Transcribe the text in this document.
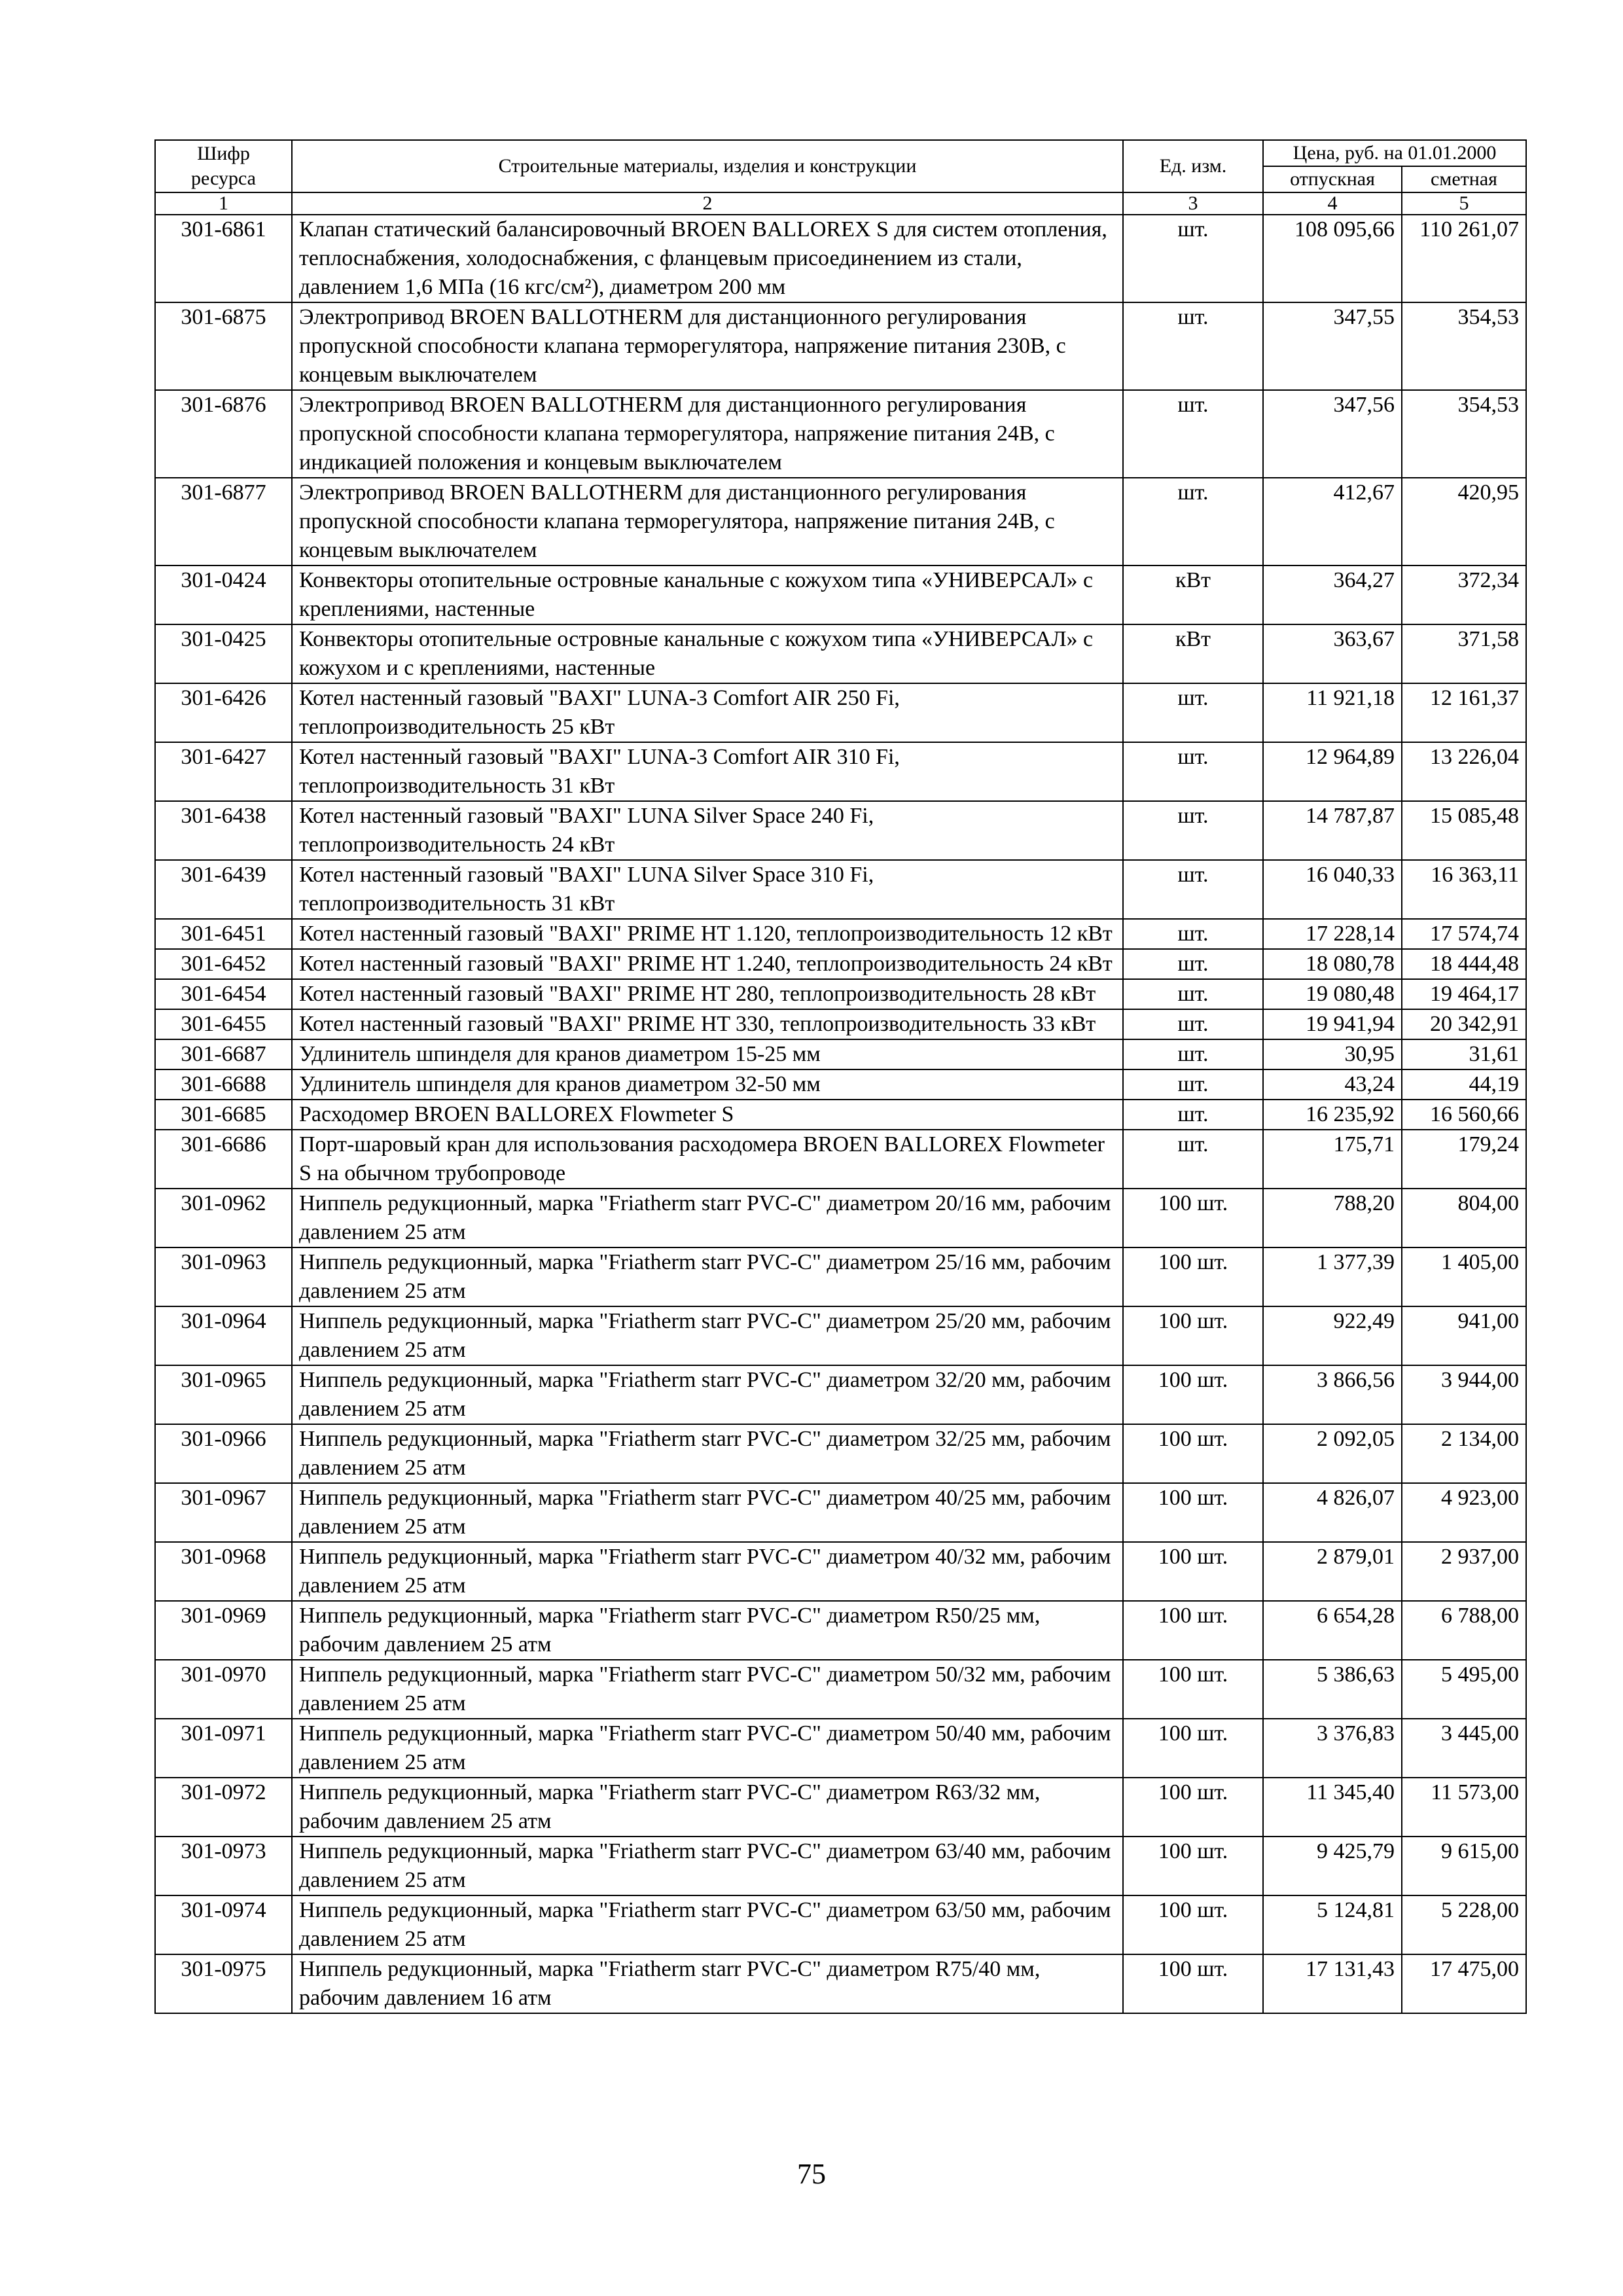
Шифр ресурса	Строительные материалы, изделия и конструкции	Ед. изм.	Цена, руб. на 01.01.2000	
			отпускная	сметная
1	2	3	4	5
301-6861	Клапан статический балансировочный BROEN BALLOREX S для систем отопления, теплоснабжения, холодоснабжения, с фланцевым присоединением из стали, давлением 1,6 МПа (16 кгс/см²), диаметром 200 мм	шт.	108 095,66	110 261,07
301-6875	Электропривод BROEN BALLOTHERM для дистанционного регулирования пропускной способности клапана терморегулятора, напряжение питания 230В, с концевым выключателем	шт.	347,55	354,53
301-6876	Электропривод BROEN BALLOTHERM для дистанционного регулирования пропускной способности клапана терморегулятора, напряжение питания 24В, с индикацией положения и концевым выключателем	шт.	347,56	354,53
301-6877	Электропривод BROEN BALLOTHERM для дистанционного регулирования пропускной способности клапана терморегулятора, напряжение питания 24В, с концевым выключателем	шт.	412,67	420,95
301-0424	Конвекторы отопительные островные канальные с кожухом типа «УНИВЕРСАЛ» с креплениями, настенные	кВт	364,27	372,34
301-0425	Конвекторы отопительные островные канальные с кожухом типа «УНИВЕРСАЛ» с кожухом и с креплениями, настенные	кВт	363,67	371,58
301-6426	Котел настенный газовый "BAXI" LUNA-3 Comfort AIR 250 Fi, теплопроизводительность 25 кВт	шт.	11 921,18	12 161,37
301-6427	Котел настенный газовый "BAXI" LUNA-3 Comfort AIR 310 Fi, теплопроизводительность 31 кВт	шт.	12 964,89	13 226,04
301-6438	Котел настенный газовый "BAXI" LUNA Silver Space 240 Fi, теплопроизводительность 24 кВт	шт.	14 787,87	15 085,48
301-6439	Котел настенный газовый "BAXI" LUNA Silver Space 310 Fi, теплопроизводительность 31 кВт	шт.	16 040,33	16 363,11
301-6451	Котел настенный газовый "BAXI" PRIME HT 1.120, теплопроизводительность 12 кВт	шт.	17 228,14	17 574,74
301-6452	Котел настенный газовый "BAXI" PRIME HT 1.240, теплопроизводительность 24 кВт	шт.	18 080,78	18 444,48
301-6454	Котел настенный газовый "BAXI" PRIME HT 280, теплопроизводительность 28 кВт	шт.	19 080,48	19 464,17
301-6455	Котел настенный газовый "BAXI" PRIME HT 330, теплопроизводительность 33 кВт	шт.	19 941,94	20 342,91
301-6687	Удлинитель шпинделя для кранов диаметром 15-25 мм	шт.	30,95	31,61
301-6688	Удлинитель шпинделя для кранов диаметром 32-50 мм	шт.	43,24	44,19
301-6685	Расходомер BROEN BALLOREX Flowmeter S	шт.	16 235,92	16 560,66
301-6686	Порт-шаровый кран для использования расходомера BROEN BALLOREX Flowmeter S на обычном трубопроводе	шт.	175,71	179,24
301-0962	Ниппель редукционный, марка "Friatherm starr PVC-C" диаметром 20/16 мм, рабочим давлением 25 атм	100 шт.	788,20	804,00
301-0963	Ниппель редукционный, марка "Friatherm starr PVC-C" диаметром 25/16 мм, рабочим давлением 25 атм	100 шт.	1 377,39	1 405,00
301-0964	Ниппель редукционный, марка "Friatherm starr PVC-C" диаметром 25/20 мм, рабочим давлением 25 атм	100 шт.	922,49	941,00
301-0965	Ниппель редукционный, марка "Friatherm starr PVC-C" диаметром 32/20 мм, рабочим давлением 25 атм	100 шт.	3 866,56	3 944,00
301-0966	Ниппель редукционный, марка "Friatherm starr PVC-C" диаметром 32/25 мм, рабочим давлением 25 атм	100 шт.	2 092,05	2 134,00
301-0967	Ниппель редукционный, марка "Friatherm starr PVC-C" диаметром 40/25 мм, рабочим давлением 25 атм	100 шт.	4 826,07	4 923,00
301-0968	Ниппель редукционный, марка "Friatherm starr PVC-C" диаметром 40/32 мм, рабочим давлением 25 атм	100 шт.	2 879,01	2 937,00
301-0969	Ниппель редукционный, марка "Friatherm starr PVC-C" диаметром R50/25 мм, рабочим давлением 25 атм	100 шт.	6 654,28	6 788,00
301-0970	Ниппель редукционный, марка "Friatherm starr PVC-C" диаметром 50/32 мм, рабочим давлением 25 атм	100 шт.	5 386,63	5 495,00
301-0971	Ниппель редукционный, марка "Friatherm starr PVC-C" диаметром 50/40 мм, рабочим давлением 25 атм	100 шт.	3 376,83	3 445,00
301-0972	Ниппель редукционный, марка "Friatherm starr PVC-C" диаметром R63/32 мм, рабочим давлением 25 атм	100 шт.	11 345,40	11 573,00
301-0973	Ниппель редукционный, марка "Friatherm starr PVC-C" диаметром 63/40 мм, рабочим давлением 25 атм	100 шт.	9 425,79	9 615,00
301-0974	Ниппель редукционный, марка "Friatherm starr PVC-C" диаметром 63/50 мм, рабочим давлением 25 атм	100 шт.	5 124,81	5 228,00
301-0975	Ниппель редукционный, марка "Friatherm starr PVC-C" диаметром R75/40 мм, рабочим давлением 16 атм	100 шт.	17 131,43	17 475,00
75
